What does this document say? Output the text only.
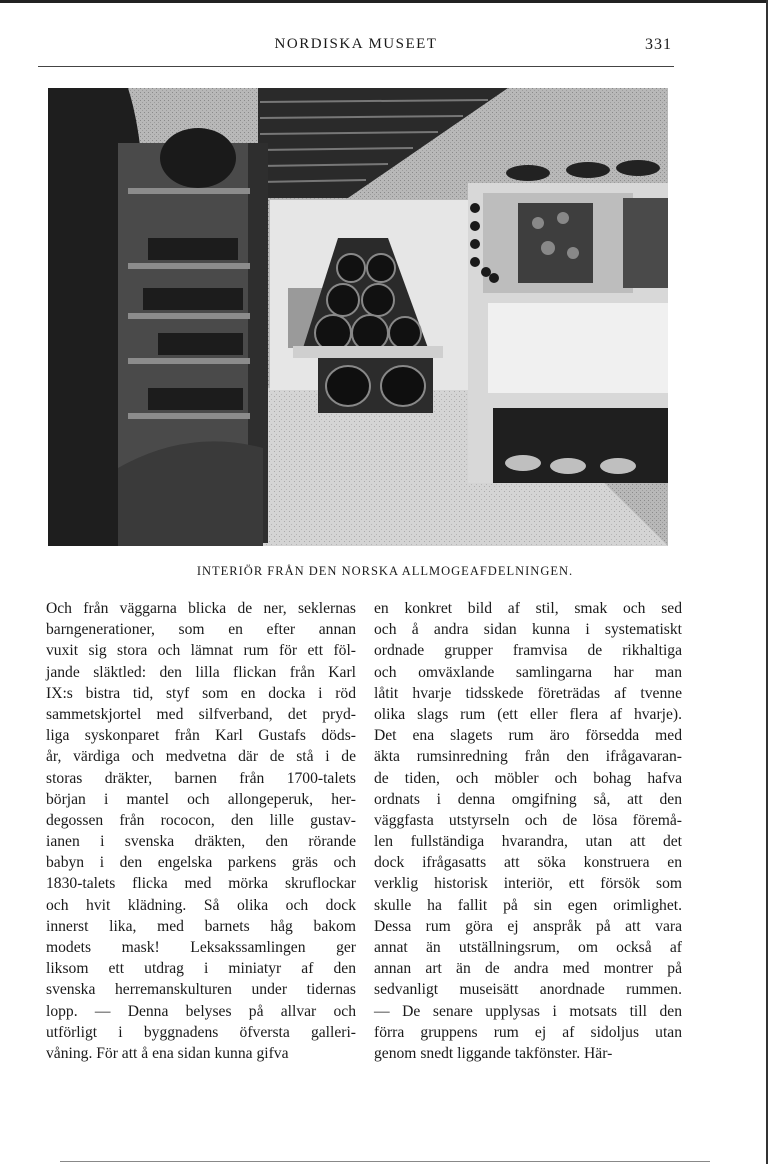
NORDISKA MUSEET	331
INTERIÖR FRÅN DEN NORSKA ALLMOGEAFDELNINGEN.
Och från väggarna blicka de ner, seklernas
barngenerationer, som en efter annan
vuxit sig stora och lämnat rum för ett föl-
jande släktled: den lilla flickan från Karl
IX:s bistra tid, styf som en docka i röd
sammetskjortel med silfverband, det pryd-
liga syskonparet från Karl Gustafs döds-
år, värdiga och medvetna där de stå i de
storas dräkter, barnen från 1700-talets
början i mantel och allongeperuk, her-
degossen från rococon, den lille gustav-
ianen i svenska dräkten, den rörande
babyn i den engelska parkens gräs och
1830-talets flicka med mörka skruflockar
och hvit klädning. Så olika och dock
innerst lika, med barnets håg bakom
modets mask! Leksakssamlingen ger
liksom ett utdrag i miniatyr af den
svenska herremanskulturen under tidernas
lopp. — Denna belyses på allvar och
utförligt i byggnadens öfversta galleri-
våning. För att å ena sidan kunna gifva
en konkret bild af stil, smak och sed
och å andra sidan kunna i systematiskt
ordnade grupper framvisa de rikhaltiga
och omväxlande samlingarna har man
låtit hvarje tidsskede företrädas af tvenne
olika slags rum (ett eller flera af hvarje).
Det ena slagets rum äro försedda med
äkta rumsinredning från den ifrågavaran-
de tiden, och möbler och bohag hafva
ordnats i denna omgifning så, att den
väggfasta utstyrseln och de lösa föremå-
len fullständiga hvarandra, utan att det
dock ifrågasatts att söka konstruera en
verklig historisk interiör, ett försök som
skulle ha fallit på sin egen orimlighet.
Dessa rum göra ej anspråk på att vara
annat än utställningsrum, om också af
annan art än de andra med montrer på
sedvanligt museisätt anordnade rummen.
— De senare upplysas i motsats till den
förra gruppens rum ej af sidoljus utan
genom snedt liggande takfönster. Här-
